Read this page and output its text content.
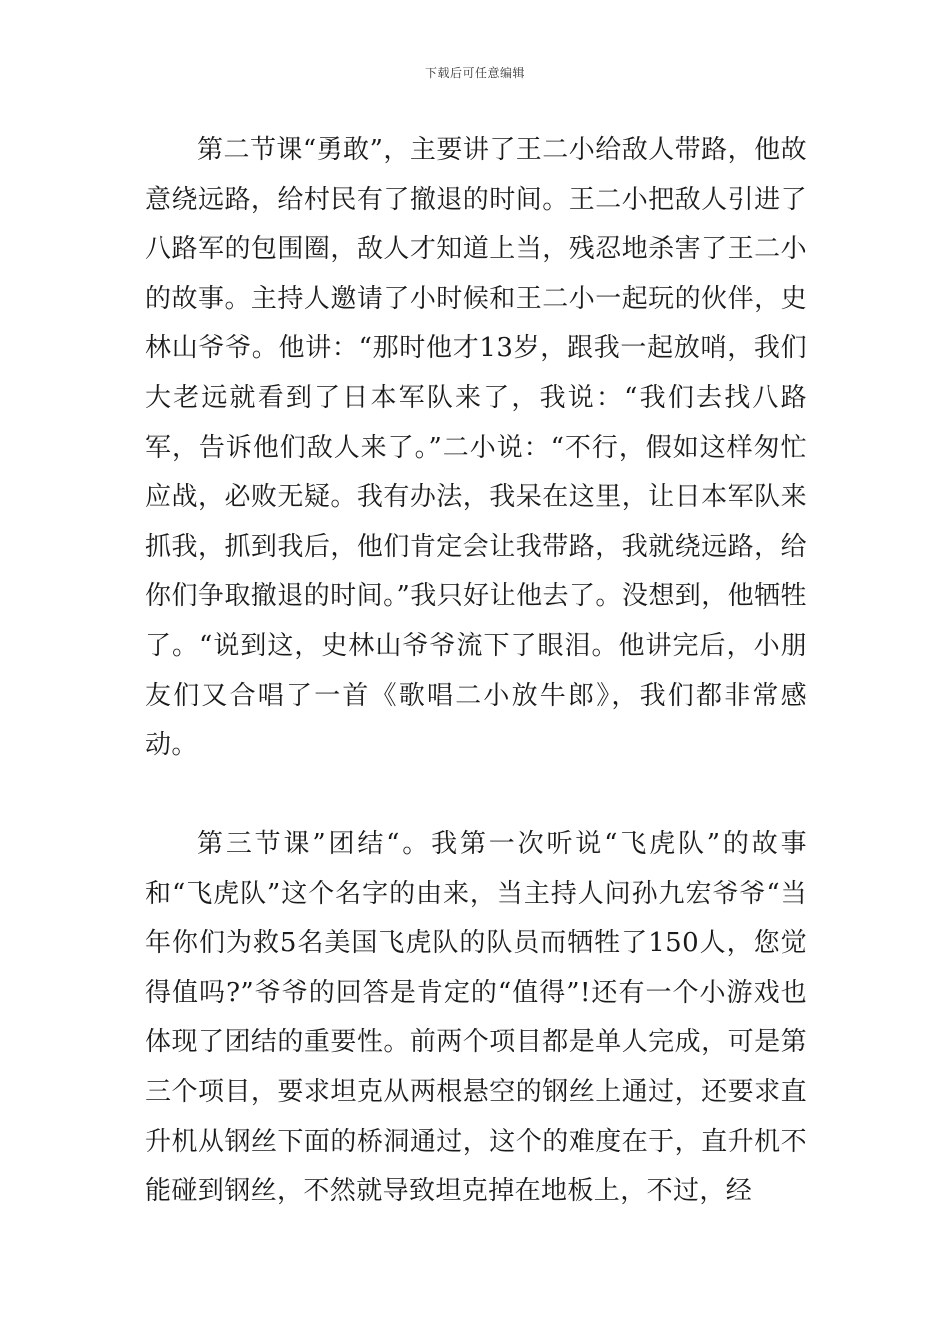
下载后可任意编辑

第二节课“勇敢”，主要讲了王二小给敌人带路，他故意绕远路，给村民有了撤退的时间。王二小把敌人引进了八路军的包围圈，敌人才知道上当，残忍地杀害了王二小的故事。主持人邀请了小时候和王二小一起玩的伙伴，史林山爷爷。他讲：“那时他才13岁，跟我一起放哨，我们大老远就看到了日本军队来了，我说：“我们去找八路军，告诉他们敌人来了。”二小说：“不行，假如这样匆忙应战，必败无疑。我有办法，我呆在这里，让日本军队来抓我，抓到我后，他们肯定会让我带路，我就绕远路，给你们争取撤退的时间。”我只好让他去了。没想到，他牺牲了。“说到这，史林山爷爷流下了眼泪。他讲完后，小朋友们又合唱了一首《歌唱二小放牛郎》，我们都非常感动。

第三节课”团结“。我第一次听说“飞虎队”的故事和“飞虎队”这个名字的由来，当主持人问孙九宏爷爷“当年你们为救5名美国飞虎队的队员而牺牲了150人，您觉得值吗?”爷爷的回答是肯定的“值得”!还有一个小游戏也体现了团结的重要性。前两个项目都是单人完成，可是第三个项目，要求坦克从两根悬空的钢丝上通过，还要求直升机从钢丝下面的桥洞通过，这个的难度在于，直升机不能碰到钢丝，不然就导致坦克掉在地板上，不过，经
